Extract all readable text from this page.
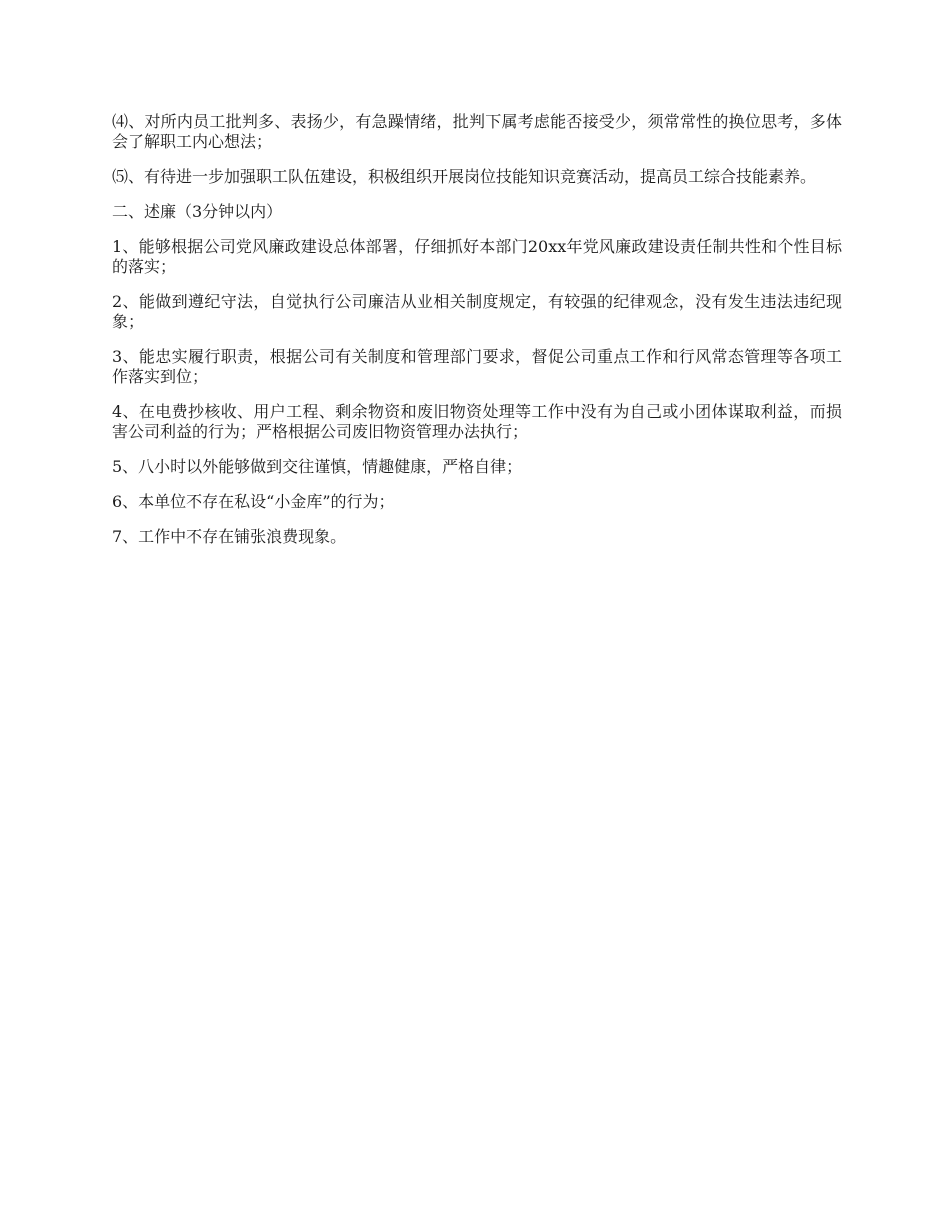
⑷、对所内员工批判多、表扬少，有急躁情绪，批判下属考虑能否接受少，须常常性的换位思考，多体会了解职工内心想法；

⑸、有待进一步加强职工队伍建设，积极组织开展岗位技能知识竞赛活动，提高员工综合技能素养。

二、述廉（3分钟以内）

1、能够根据公司党风廉政建设总体部署，仔细抓好本部门20xx年党风廉政建设责任制共性和个性目标的落实；

2、能做到遵纪守法，自觉执行公司廉洁从业相关制度规定，有较强的纪律观念，没有发生违法违纪现象；

3、能忠实履行职责，根据公司有关制度和管理部门要求，督促公司重点工作和行风常态管理等各项工作落实到位；

4、在电费抄核收、用户工程、剩余物资和废旧物资处理等工作中没有为自己或小团体谋取利益，而损害公司利益的行为；严格根据公司废旧物资管理办法执行；

5、八小时以外能够做到交往谨慎，情趣健康，严格自律；

6、本单位不存在私设“小金库”的行为；

7、工作中不存在铺张浪费现象。
